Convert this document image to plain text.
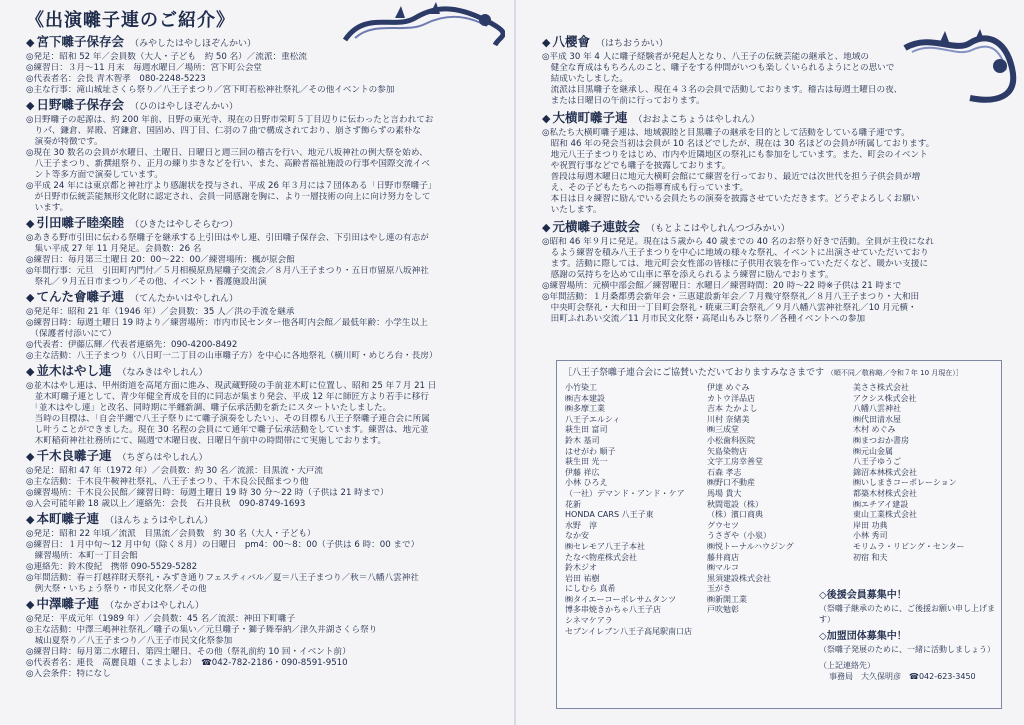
《出演囃子連のご紹介》
◆ 宮下囃子保存会 （みやしたはやしほぞんかい）
◎発足：昭和 52 年／会員数（大人・子ども　約 50 名）／流派：重松流
◎練習日：３月～11 月末　毎週水曜日／場所：宮下町公会堂
◎代表者名：会長 青木智孝　080-2248-5223
◎主な行事：滝山城址さくら祭り／八王子まつり／宮下町若松神社祭礼／その他イベントの参加
◆ 日野囃子保存会 （ひのはやしほぞんかい）
◎日野囃子の起源は、約 200 年前、日野の東光寺、現在の日野市栄町５丁目辺りに伝わったと言われてお
　りバ゙、鎌倉、昇殿、宮鎌倉、国固め、四丁目、仁羽の７曲で構成されており、崩さず飾らずの素朴な
　演奏が特徴です。
◎現在 30 数名の会員が水曜日、土曜日、日曜日と週三回の稽古を行い、地元八坂神社の例大祭を始め、
　八王子まつり、新撰組祭り、正月の練り歩きなどを行い、また、高齢者福祉施設の行事や国際交流イベ
　ント等多方面で演奏しています。
◎平成 24 年には東京都と神社庁より感謝状を授与され、平成 26 年３月には７団体ある「日野市祭囃子」
　が日野市伝統芸能無形文化財に認定され、会員一同感謝を胸に、より一層技術の向上に向け努力をして
　います。
◆ 引田囃子睦楽睦 （ひきたはやしそらむつ）
◎あきる野市引田に伝わる祭囃子を継承する上引田はやし連、引田囃子保存会、下引田はやし連の有志が
　集い平成 27 年 11 月発足。会員数：26 名
◎練習日：毎月第三土曜日 20：00～22：00／練習場所：楓が原会館
◎年間行事：元旦　引田町内門付／５月相模原鳥屋囃子交流会／８月八王子まつり・五日市留原八坂神社
　祭礼／９月五日市まつり／その他、イベント・養護施設出演
◆ てんた會囃子連 （てんたかいはやしれん）
◎発足年：昭和 21 年（1946 年）／会員数：35 人／洪の手流を継承
◎練習日時：毎週土曜日 19 時より／練習場所：市内市民センター他各町内会館／最低年齢：小学生以上
　（保護者付添いにて）
◎代表者：伊藤広輝／代表者連絡先：090-4200-8492
◎主な活動：八王子まつり（八日町一二丁目の山車囃子方）を中心に各地祭礼（横川町・めじろ台・長房）
◆ 並木はやし連 （なみきはやしれん）
◎並木はやし連は、甲州街道を高尾方面に進み、現武蔵野陵の手前並木町に位置し、昭和 25 年７月 21 日
　並木町囃子連として、青少年健全育成を目的に同志が集まり発会、平成 12 年に師匠方より若手に移行
　「並木はやし連」と改名、同時期に半纏新調、囃子伝承活動を新たにスタートいたしました。
　当時の目標は、「自会半纏で八王子祭りにて囃子演奏をしたい」、その目標も八王子祭囃子連合会に所属
　し叶うことができました。現在 30 名程の会員にて通年で囃子伝承活動をしています。練習は、地元並
　木町稲荷神社社務所にて、隔週で木曜日夜、日曜日午前中の時間帯にて実施しております。
◆ 千木良囃子連 （ちぎらはやしれん）
◎発足：昭和 47 年（1972 年）／会員数：約 30 名／流派：目黒流・大戸流
◎主な活動：千木良牛鞍神社祭礼、八王子まつり、千木良公民館まつり他
◎練習場所：千木良公民館／練習日時：毎週土曜日 19 時 30 分～22 時（子供は 21 時まで）
◎入会可能年齢 18 歳以上／連絡先：会長　石井良秋　090-8749-1693
◆ 本町囃子連 （ほんちょうはやしれん）
◎発足：昭和 22 年頃／流派　目黒流／会員数　約 30 名（大人・子ども）
◎練習日：１月中旬～12 月中旬（除く８月）の日曜日　pm4：00～8：00（子供は 6 時：00 まで）
　練習場所：本町一丁目会館
◎連絡先：鈴木俊紀　携帯 090-5529-5282
◎年間活動：春＝打越祥財天祭礼・みずき通りフェスティバル／夏＝八王子まつり／秋＝八幡八雲神社
　例大祭・いちょう祭り・市民文化祭／その他
◆ 中澤囃子連 （なかざわはやしれん）
◎発足：平成元年（1989 年）／会員数：45 名／流派：神田下町囃子
◎主な活動：中澤三嶋神社祭礼／囃子の集い／元旦囃子・獅子舞奉納／津久井湖さくら祭り
　城山夏祭り／八王子まつり／八王子市民文化祭参加
◎練習日時：毎月第二水曜日、第四土曜日、その他（祭礼前約 10 回・イベント前）
◎代表者名：連長　高麗良雄（こまよしお）　☎042-782-2186・090-8591-9510
◎入会条件：特になし
◆ 八櫻會 （はちおうかい）
◎平成 30 年 4 人に囃子経験者が発起人となり、八王子の伝統芸能の継承と、地域の
　健全な育成はもちろんのこと、囃子をする仲間がいつも楽しくいられるようにとの思いで
　結成いたしました。
　流派は目黒囃子を継承し、現在４３名の会員で活動しております。稽古は毎週土曜日の夜、
　または日曜日の午前に行っております。
◆ 大横町囃子連 （おおよこちょうはやしれん）
◎私たち大横町囃子連は、地域親睦と目黒囃子の継承を目的として活動をしている囃子連です。
　昭和 46 年の発会当初は会員が 10 名ほどでしたが、現在は 30 名ほどの会員が所属しております。
　地元八王子まつりをはじめ、市内や近隣地区の祭礼にも参加をしています。また、町会のイベント
　や祝賀行事などでも囃子を披露しております。
　普段は毎週木曜日に地元大横町会館にて練習を行っており、最近では次世代を担う子供会員が増
　え、その子どもたちへの指導育成も行っています。
　本日は日々練習に励んでいる会員たちの演奏を披露させていただきます。どうぞよろしくお願い
　いたします。
◆ 元横囃子連鼓会 （もとよこはやしれんつづみかい）
◎昭和 46 年９月に発足。現在は５歳から 40 歳までの 40 名のお祭り好きで活動。全員が主役になれ
　るよう練習を積み八王子まつりを中心に地域の様々な祭礼、イベントに出演させていただいており
　ます。活動に際しては、地元町会女性部の皆様に子供用衣装を作っていただくなど、暖かい支援に
　感謝の気持ちを込めて山車に華を添えられるよう練習に励んでおります。
◎練習場所：元横中部会館／練習曜日：水曜日／練習時間：20 時～22 時※子供は 21 時まで
◎年間活動：１月桑都勇会新年会・三恵建設新年会／７月幾守祭祭礼／８月八王子まつり・大和田
　中央町会祭礼・大和田一丁目町会祭礼・暁東三町会祭礼／９月八幡八雲神社祭礼／10 月元横・
　田町ふれあい交流／11 月市民文化祭・高尾山もみじ祭り／各種イベントへの参加
［八王子祭囃子連合会にご協賛いただいておりますみなさまです （順不同／敬称略／令和７年 10 月現在）］
小竹染工
㈱吉本建設
㈱多摩工業
八王子エルシィ
萩生田 富司
鈴木 基司
はせがわ 順子
萩生田 光一
伊藤 祥広
小林 ひろえ
（一社）デマンド・アンド・ケア
花新
HONDA CARS 八王子東
水野　淳
なか安
㈱セレモア八王子本社
たなべ物産株式会社
鈴木ジオ
岩田 祐樹
にしむら 真希
㈱タイエーコーポレサムタンツ
博多串焼きかちゃ八王子店
シネマケアラ
セブンイレブン八王子高尾駅南口店
伊達 めぐみ
カトウ洋品店
吉本 たかよし
川村 奈緒美
㈱三成堂
小松歯科医院
矢島染物店
文字工房幸善堂
石森 孝志
㈱野口不動産
馬場 貴大
秋間電設（株）
（株）濱口商典
グウセツ
うさぎや（小泉）
㈱悦トーナルハウジング
藤井商店
㈱マルコ
黒須建設株式会社
玉がき
㈱新開工業
戸吹勉彰
美ささ株式会社
アクシス株式会社
八幡八雲神社
㈱代田清水屋
木村 めぐみ
㈱まつおか書房
㈱元山金属
八王子ゆうご
錦沼本林株式会社
㈱いしまきコーポレーション
都築木材株式会社
㈱エチアイ建設
東山工業株式会社
岸田 功典
小林 秀司
モリムラ・リビング・センター
初宿 和夫
◇後援会員募集中！
（祭囃子継承のために、ご後援お願い申し上げます）
◇加盟団体募集中！
（祭囃子発展のために、一緒に活動しましょう）
（上記連絡先）
事務局　大久保明彦　☎042-623-3450
